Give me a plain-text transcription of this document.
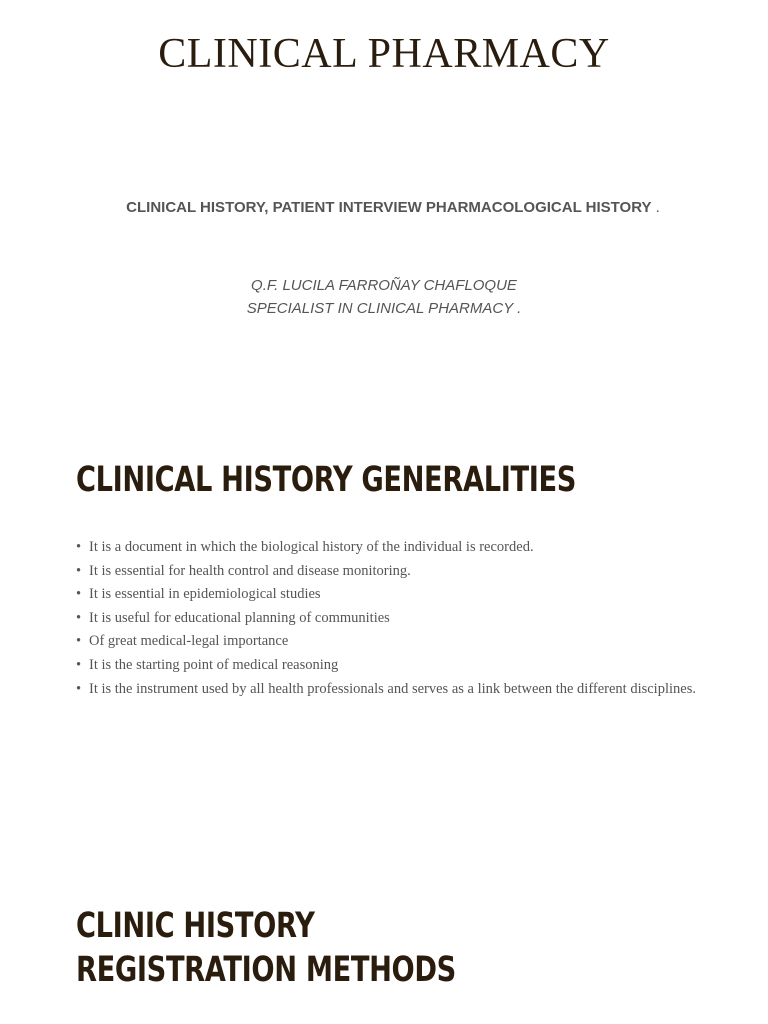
CLINICAL PHARMACY

CLINICAL HISTORY, PATIENT INTERVIEW PHARMACOLOGICAL HISTORY .

Q.F. LUCILA FARROÑAY CHAFLOQUE
SPECIALIST IN CLINICAL PHARMACY .
CLINICAL HISTORY GENERALITIES
• It is a document in which the biological history of the individual is recorded.
• It is essential for health control and disease monitoring.
• It is essential in epidemiological studies
• It is useful for educational planning of communities
• Of great medical-legal importance
• It is the starting point of medical reasoning
• It is the instrument used by all health professionals and serves as a link between the different disciplines.
CLINIC HISTORY
REGISTRATION METHODS
